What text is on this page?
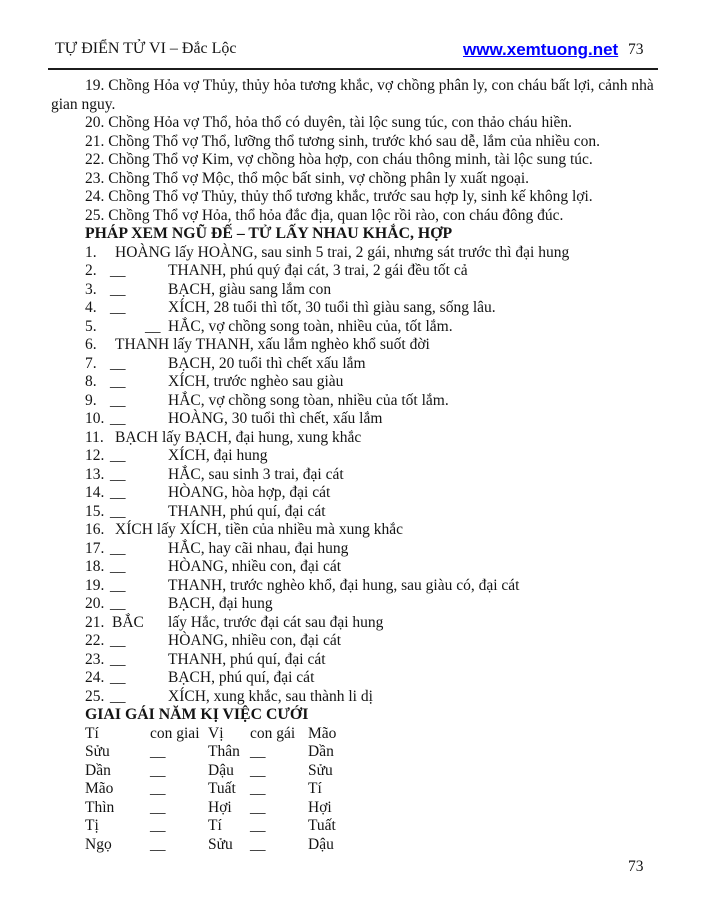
TỰ ĐIỂN TỬ VI – Đắc Lộc	www.xemtuong.net 73

19. Chồng Hỏa vợ Thủy, thủy hỏa tương khắc, vợ chồng phân ly, con cháu bất lợi, cảnh nhà gian nguy.

20. Chồng Hỏa vợ Thổ, hỏa thổ có duyên, tài lộc sung túc, con thảo cháu hiền.

21. Chồng Thổ vợ Thổ, lưỡng thổ tương sinh, trước khó sau dễ, lắm của nhiều con.

22. Chồng Thổ vợ Kim, vợ chồng hòa hợp, con cháu thông minh, tài lộc sung túc.

23. Chồng Thổ vợ Mộc, thổ mộc bất sinh, vợ chồng phân ly xuất ngoại.

24. Chồng Thổ vợ Thủy, thủy thổ tương khắc, trước sau hợp ly, sinh kế không lợi.

25. Chồng Thổ vợ Hỏa, thổ hỏa đắc địa, quan lộc rồi rào, con cháu đông đúc.

PHÁP XEM NGŨ ĐẾ – TỬ LẤY NHAU KHẮC, HỢP
1. HOÀNG lấy HOÀNG, sau sinh 5 trai, 2 gái, nhưng sát trước thì đại hung
2. __	THANH, phú quý đại cát, 3 trai, 2 gái đều tốt cả
3. __	BẠCH, giàu sang lắm con
4. __	XÍCH, 28 tuổi thì tốt, 30 tuổi thì giàu sang, sống lâu.
5.	__ HẮC, vợ chồng song toàn, nhiều của, tốt lắm.
6. THANH lấy THANH, xấu lắm nghèo khổ suốt đời
7. __	BẠCH, 20 tuổi thì chết xấu lắm
8. __	XÍCH, trước nghèo sau giàu
9. __	HẮC, vợ chồng song tòan, nhiều của tốt lắm.
10. __	HOÀNG, 30 tuổi thì chết, xấu lắm
11. BẠCH lấy BẠCH, đại hung, xung khắc
12. __	XÍCH, đại hung
13. __	HẮC, sau sinh 3 trai, đại cát
14. __	HÒANG, hòa hợp, đại cát
15. __	THANH, phú quí, đại cát
16. XÍCH lấy XÍCH, tiền của nhiều mà xung khắc
17. __	HẮC, hay cãi nhau, đại hung
18. __	HÒANG, nhiều con, đại cát
19. __	THANH, trước nghèo khổ, đại hung, sau giàu có, đại cát
20. __	BẠCH, đại hung
21. BẮC lấy Hắc, trước đại cát sau đại hung
22. __	HÒANG, nhiều con, đại cát
23. __	THANH, phú quí, đại cát
24. __	BẠCH, phú quí, đại cát
25. __	XÍCH, xung khắc, sau thành li dị
GIAI GÁI NĂM KỊ VIỆC CƯỚI
Tí	con giai Vị con gái Mão
Sửu	__	Thân __	Dần
Dần	__	Dậu __	Sửu
Mão __	Tuất __	Tí
Thìn __	Hợi __	Hợi
Tị	__	Tí __	Tuất
Ngọ __	Sửu __	Dậu
73
